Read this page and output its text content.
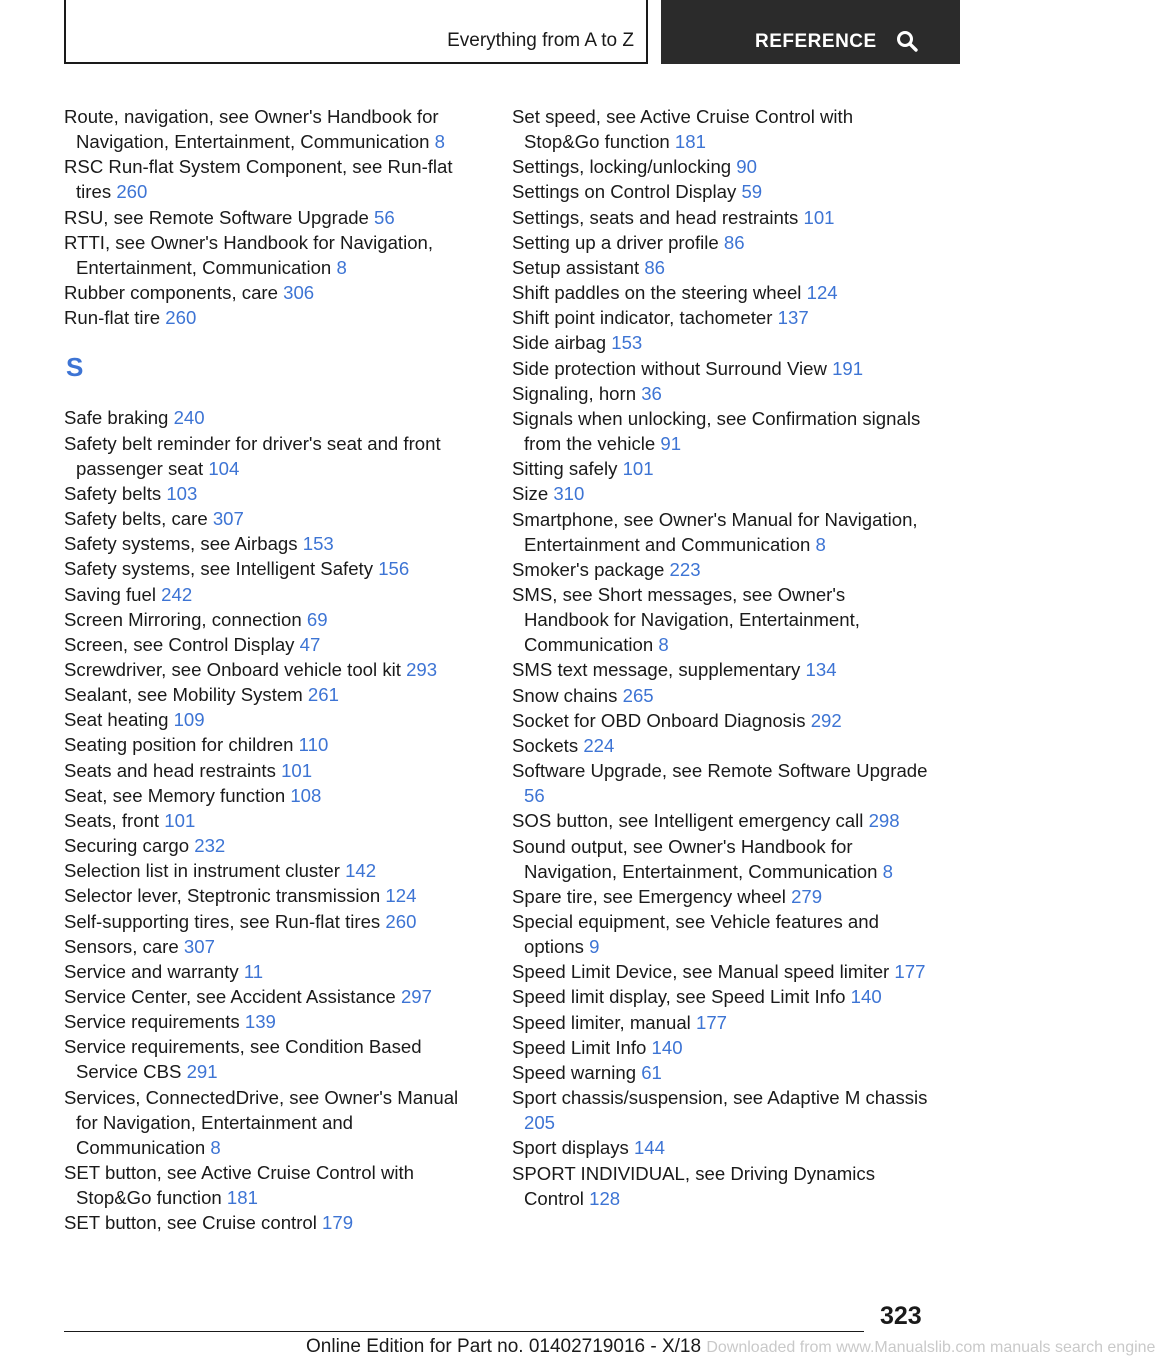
Everything from A to Z	REFERENCE
Route, navigation, see Owner's Handbook for Navigation, Entertainment, Communication 8
RSC Run-flat System Component, see Run-flat tires 260
RSU, see Remote Software Upgrade 56
RTTI, see Owner's Handbook for Navigation, Entertainment, Communication 8
Rubber components, care 306
Run-flat tire 260
S
Safe braking 240
Safety belt reminder for driver's seat and front passenger seat 104
Safety belts 103
Safety belts, care 307
Safety systems, see Airbags 153
Safety systems, see Intelligent Safety 156
Saving fuel 242
Screen Mirroring, connection 69
Screen, see Control Display 47
Screwdriver, see Onboard vehicle tool kit 293
Sealant, see Mobility System 261
Seat heating 109
Seating position for children 110
Seats and head restraints 101
Seat, see Memory function 108
Seats, front 101
Securing cargo 232
Selection list in instrument cluster 142
Selector lever, Steptronic transmission 124
Self-supporting tires, see Run-flat tires 260
Sensors, care 307
Service and warranty 11
Service Center, see Accident Assistance 297
Service requirements 139
Service requirements, see Condition Based Service CBS 291
Services, ConnectedDrive, see Owner's Manual for Navigation, Entertainment and Communication 8
SET button, see Active Cruise Control with Stop&Go function 181
SET button, see Cruise control 179
Set speed, see Active Cruise Control with Stop&Go function 181
Settings, locking/unlocking 90
Settings on Control Display 59
Settings, seats and head restraints 101
Setting up a driver profile 86
Setup assistant 86
Shift paddles on the steering wheel 124
Shift point indicator, tachometer 137
Side airbag 153
Side protection without Surround View 191
Signaling, horn 36
Signals when unlocking, see Confirmation signals from the vehicle 91
Sitting safely 101
Size 310
Smartphone, see Owner's Manual for Navigation, Entertainment and Communication 8
Smoker's package 223
SMS, see Short messages, see Owner's Handbook for Navigation, Entertainment, Communication 8
SMS text message, supplementary 134
Snow chains 265
Socket for OBD Onboard Diagnosis 292
Sockets 224
Software Upgrade, see Remote Software Upgrade 56
SOS button, see Intelligent emergency call 298
Sound output, see Owner's Handbook for Navigation, Entertainment, Communication 8
Spare tire, see Emergency wheel 279
Special equipment, see Vehicle features and options 9
Speed Limit Device, see Manual speed limiter 177
Speed limit display, see Speed Limit Info 140
Speed limiter, manual 177
Speed Limit Info 140
Speed warning 61
Sport chassis/suspension, see Adaptive M chassis 205
Sport displays 144
SPORT INDIVIDUAL, see Driving Dynamics Control 128
323
Online Edition for Part no. 01402719016 - X/18 Downloaded from www.Manualslib.com manuals search engine
